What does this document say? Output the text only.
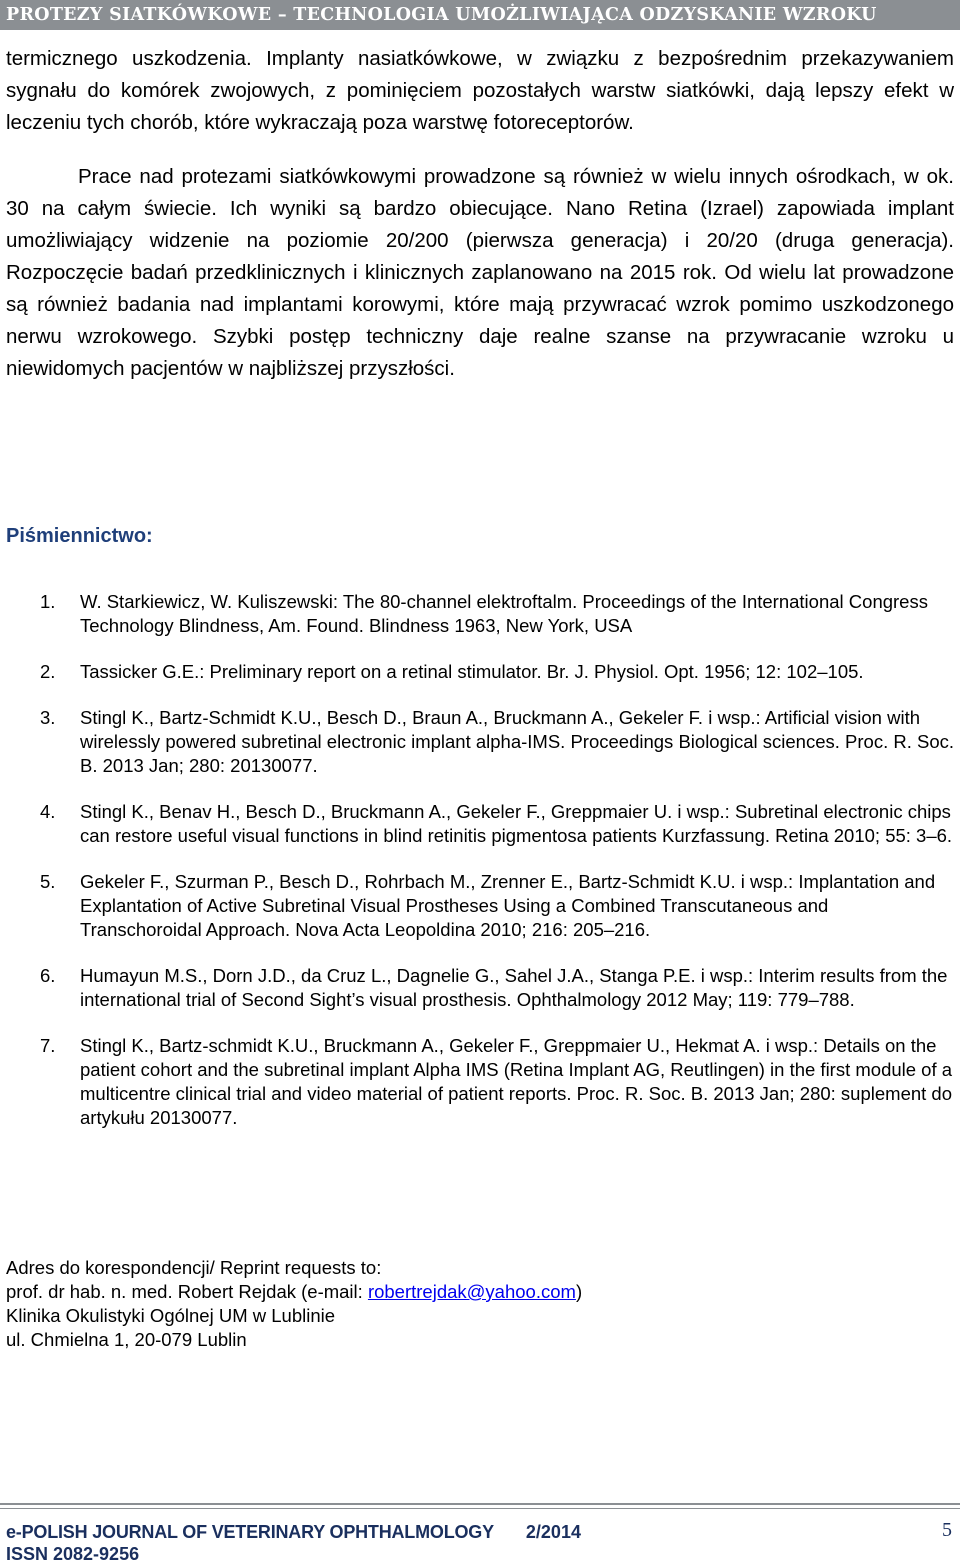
PROTEZY SIATKÓWKOWE – TECHNOLOGIA UMOŻLIWIAJĄCA ODZYSKANIE WZROKU

termicznego uszkodzenia. Implanty nasiatkówkowe, w związku z bezpośrednim przekazywaniem sygnału do komórek zwojowych, z pominięciem pozostałych warstw siatkówki, dają lepszy efekt w leczeniu tych chorób, które wykraczają poza warstwę fotoreceptorów.

Prace nad protezami siatkówkowymi prowadzone są również w wielu innych ośrodkach, w ok. 30 na całym świecie. Ich wyniki są bardzo obiecujące. Nano Retina (Izrael) zapowiada implant umożliwiający widzenie na poziomie 20/200 (pierwsza generacja) i 20/20 (druga generacja). Rozpoczęcie badań przedklinicznych i klinicznych zaplanowano na 2015 rok. Od wielu lat prowadzone są również badania nad implantami korowymi, które mają przywracać wzrok pomimo uszkodzonego nerwu wzrokowego. Szybki postęp techniczny daje realne szanse na przywracanie wzroku u niewidomych pacjentów w najbliższej przyszłości.

Piśmiennictwo:
1.	W. Starkiewicz, W. Kuliszewski: The 80-channel elektroftalm. Proceedings of the International Congress Technology Blindness, Am. Found. Blindness 1963, New York, USA
2.	Tassicker G.E.: Preliminary report on a retinal stimulator. Br. J. Physiol. Opt. 1956; 12: 102–105.
3.	Stingl K., Bartz-Schmidt K.U., Besch D., Braun A., Bruckmann A., Gekeler F. i wsp.: Artificial vision with wirelessly powered subretinal electronic implant alpha-IMS. Proceedings Biological sciences. Proc. R. Soc. B. 2013 Jan; 280: 20130077.
4.	Stingl K., Benav H., Besch D., Bruckmann A., Gekeler F., Greppmaier U. i wsp.: Subretinal electronic chips can restore useful visual functions in blind retinitis pigmentosa patients Kurzfassung. Retina 2010; 55: 3–6.
5.	Gekeler F., Szurman P., Besch D., Rohrbach M., Zrenner E., Bartz-Schmidt K.U. i wsp.: Implantation and Explantation of Active Subretinal Visual Prostheses Using a Combined Transcutaneous and Transchoroidal Approach. Nova Acta Leopoldina 2010; 216: 205–216.
6.	Humayun M.S., Dorn J.D., da Cruz L., Dagnelie G., Sahel J.A., Stanga P.E. i wsp.: Interim results from the international trial of Second Sight’s visual prosthesis. Ophthalmology 2012 May; 119: 779–788.
7.	Stingl K., Bartz-schmidt K.U., Bruckmann A., Gekeler F., Greppmaier U., Hekmat A. i wsp.: Details on the patient cohort and the subretinal implant Alpha IMS (Retina Implant AG, Reutlingen) in the first module of a multicentre clinical trial and video material of patient reports. Proc. R. Soc. B. 2013 Jan; 280: suplement do artykułu 20130077.
Adres do korespondencji/ Reprint requests to:
prof. dr hab. n. med. Robert Rejdak (e-mail: robertrejdak@yahoo.com)
Klinika Okulistyki Ogólnej UM w Lublinie
ul. Chmielna 1, 20-079 Lublin
e-POLISH JOURNAL OF VETERINARY OPHTHALMOLOGY 2/2014
ISSN 2082-9256
5
